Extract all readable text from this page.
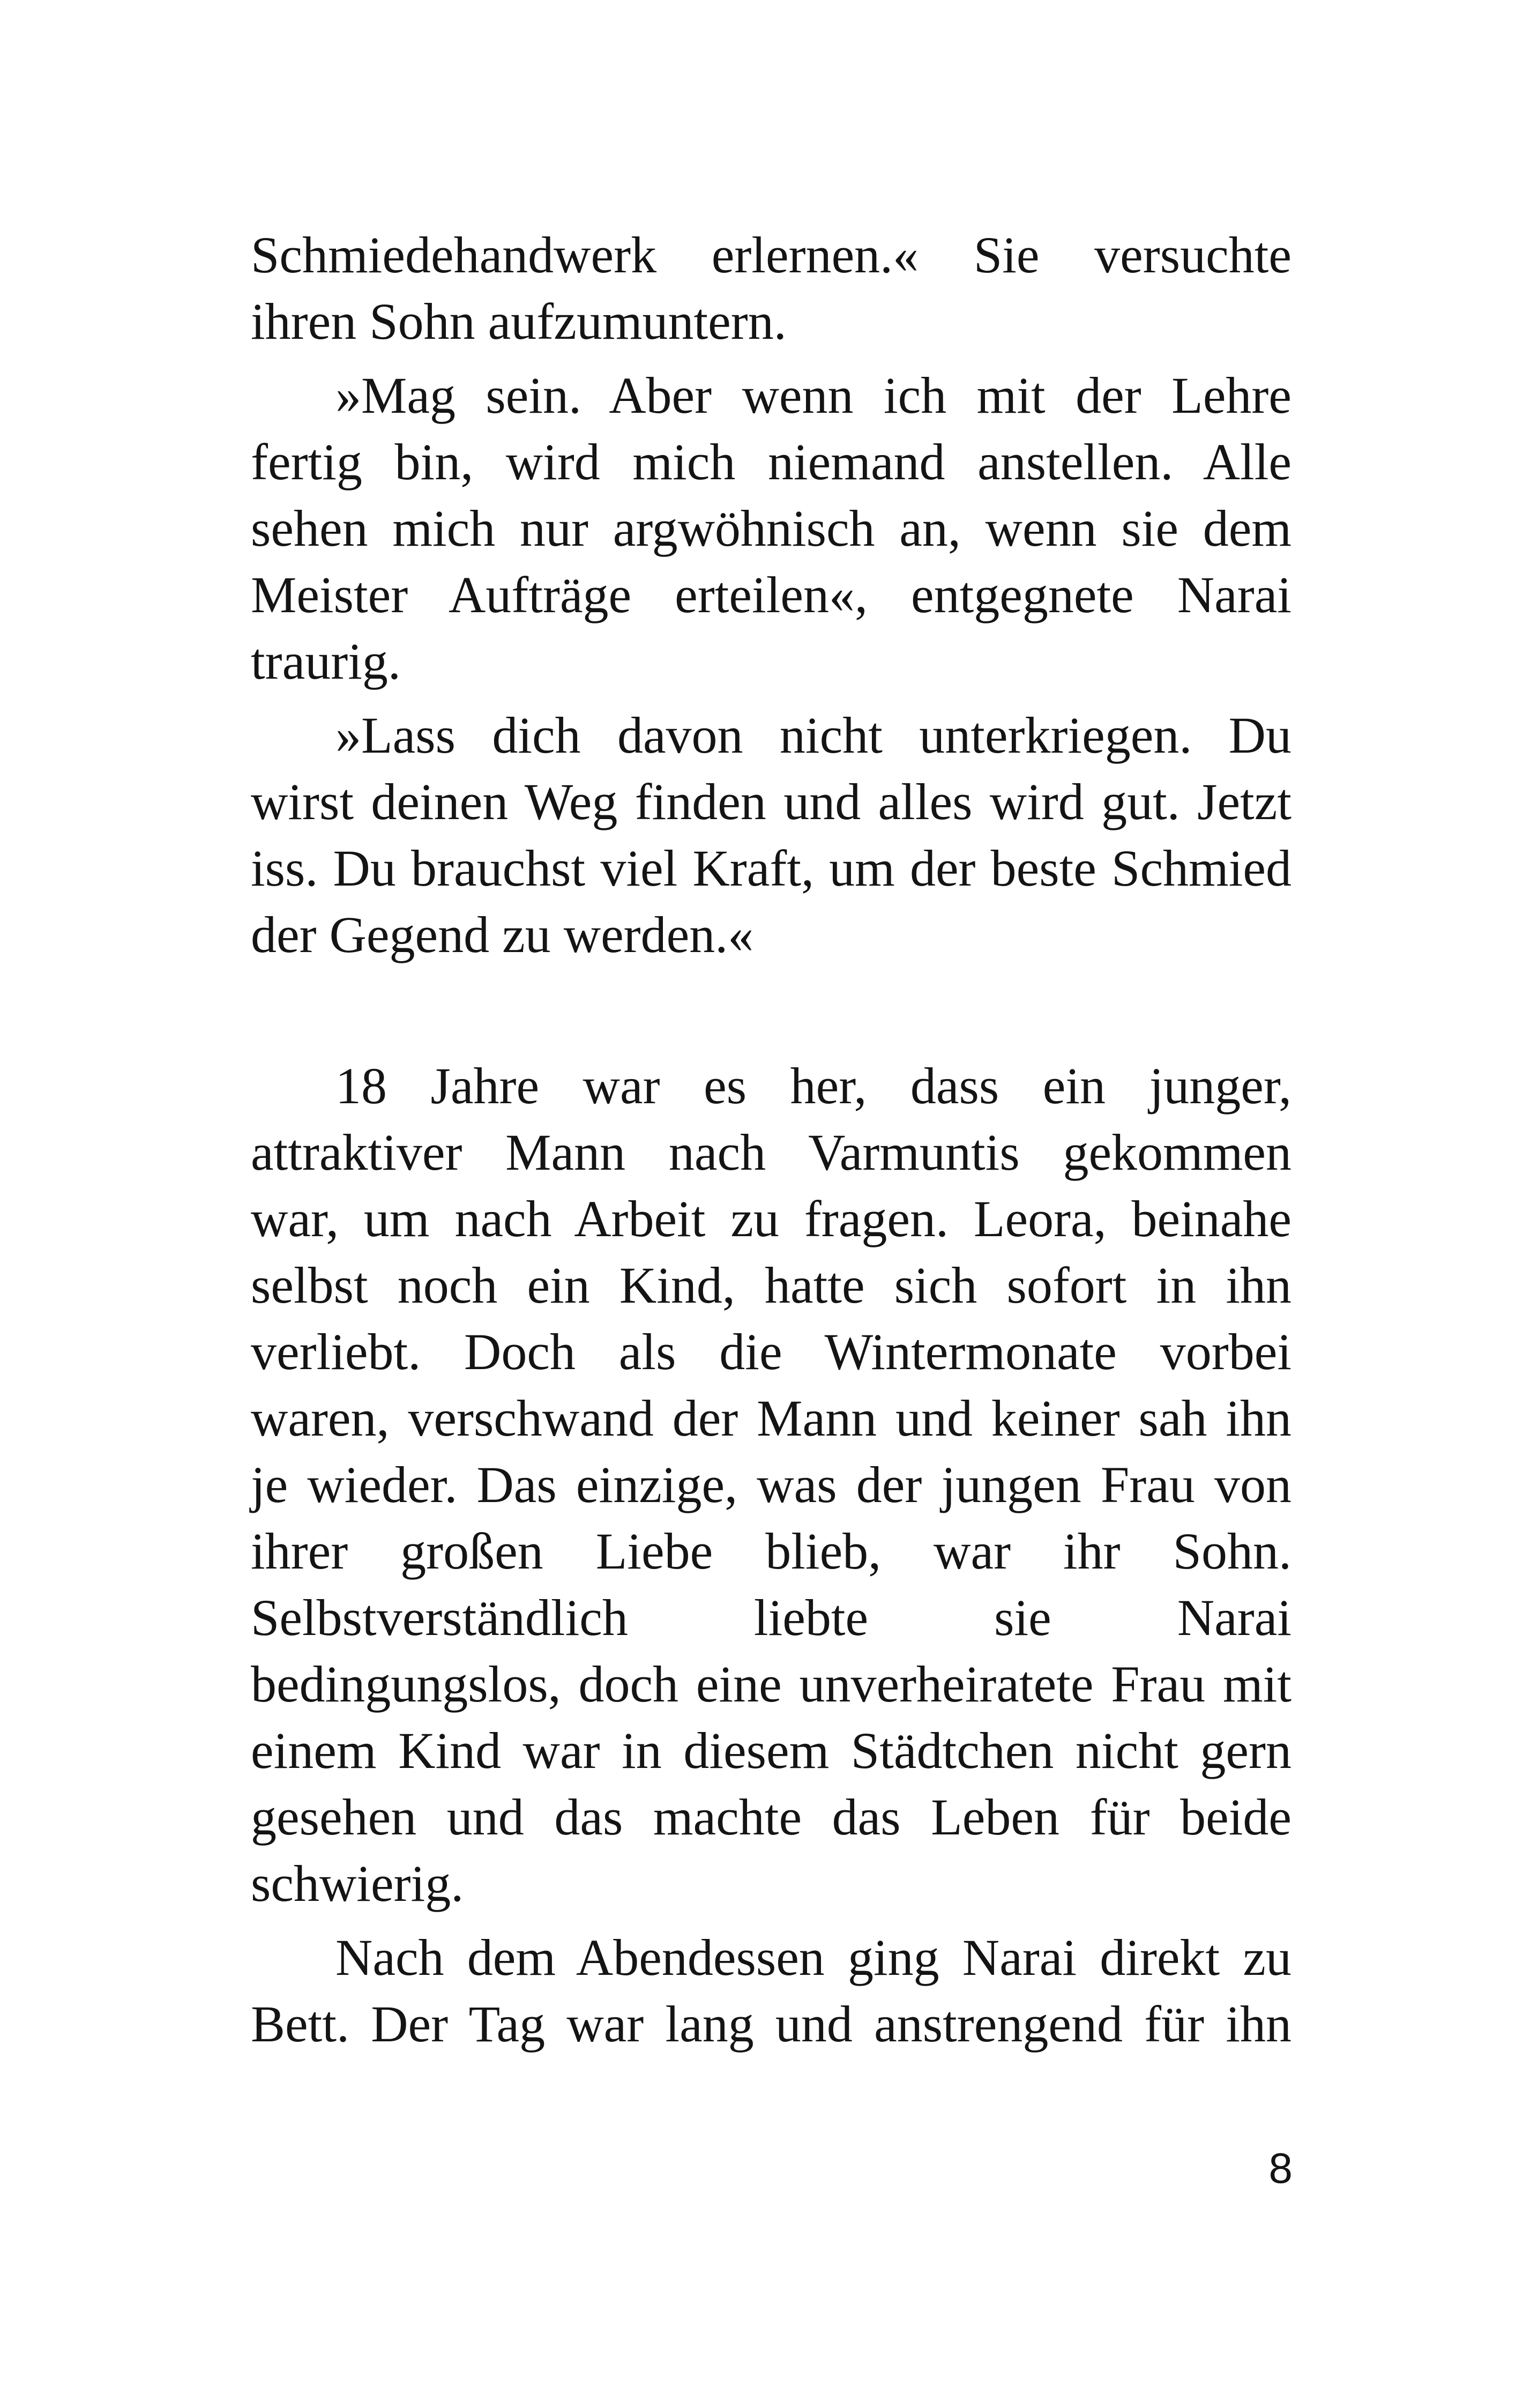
Schmiedehandwerk erlernen.« Sie versuchte
ihren Sohn aufzumuntern.
»Mag sein. Aber wenn ich mit der Lehre
fertig bin, wird mich niemand anstellen. Alle
sehen mich nur argwöhnisch an, wenn sie dem
Meister Aufträge erteilen«, entgegnete Narai
traurig.
»Lass dich davon nicht unterkriegen. Du
wirst deinen Weg finden und alles wird gut. Jetzt
iss. Du brauchst viel Kraft, um der beste Schmied
der Gegend zu werden.«
18 Jahre war es her, dass ein junger,
attraktiver Mann nach Varmuntis gekommen
war, um nach Arbeit zu fragen. Leora, beinahe
selbst noch ein Kind, hatte sich sofort in ihn
verliebt. Doch als die Wintermonate vorbei
waren, verschwand der Mann und keiner sah ihn
je wieder. Das einzige, was der jungen Frau von
ihrer großen Liebe blieb, war ihr Sohn.
Selbstverständlich liebte sie Narai
bedingungslos, doch eine unverheiratete Frau mit
einem Kind war in diesem Städtchen nicht gern
gesehen und das machte das Leben für beide
schwierig.
Nach dem Abendessen ging Narai direkt zu
Bett. Der Tag war lang und anstrengend für ihn
8
